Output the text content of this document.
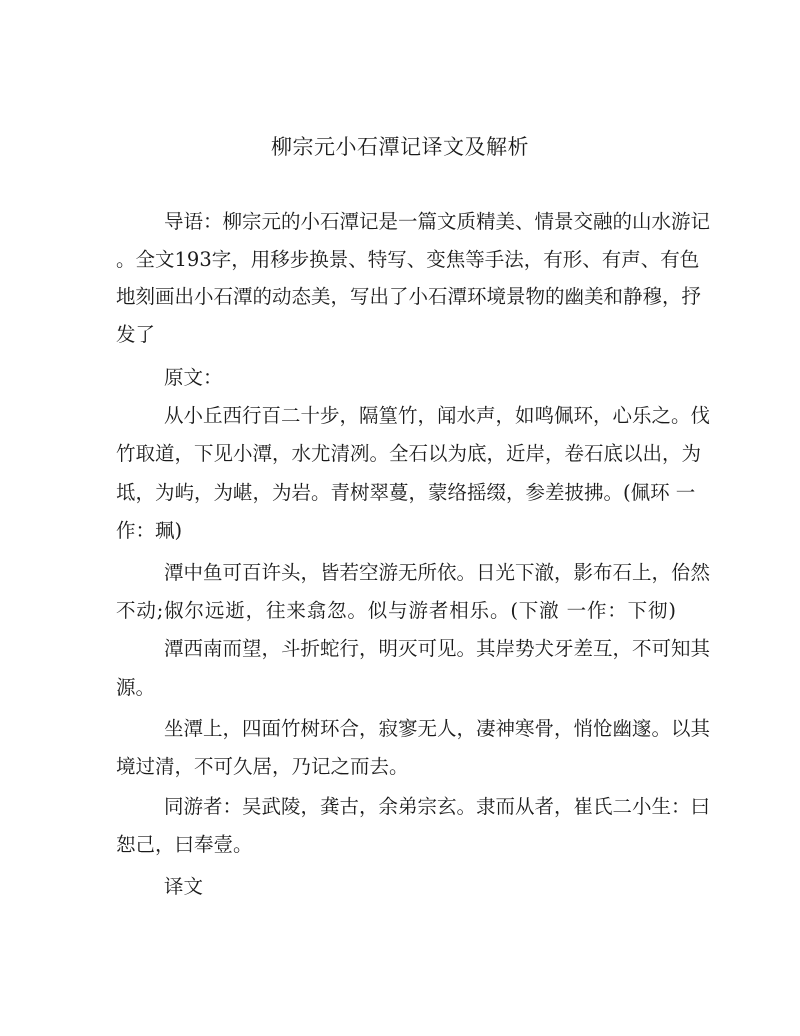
柳宗元小石潭记译文及解析
导语：柳宗元的小石潭记是一篇文质精美、情景交融的山水游记
。全文193字，用移步换景、特写、变焦等手法，有形、有声、有色
地刻画出小石潭的动态美，写出了小石潭环境景物的幽美和静穆，抒
发了
原文：
从小丘西行百二十步，隔篁竹，闻水声，如鸣佩环，心乐之。伐
竹取道，下见小潭，水尤清冽。全石以为底，近岸，卷石底以出，为
坻，为屿，为嵁，为岩。青树翠蔓，蒙络摇缀，参差披拂。(佩环 一
作：珮)
潭中鱼可百许头，皆若空游无所依。日光下澈，影布石上，佁然
不动;俶尔远逝，往来翕忽。似与游者相乐。(下澈 一作：下彻)
潭西南而望，斗折蛇行，明灭可见。其岸势犬牙差互，不可知其
源。
坐潭上，四面竹树环合，寂寥无人，凄神寒骨，悄怆幽邃。以其
境过清，不可久居，乃记之而去。
同游者：吴武陵，龚古，余弟宗玄。隶而从者，崔氏二小生：曰
恕己，曰奉壹。
译文
